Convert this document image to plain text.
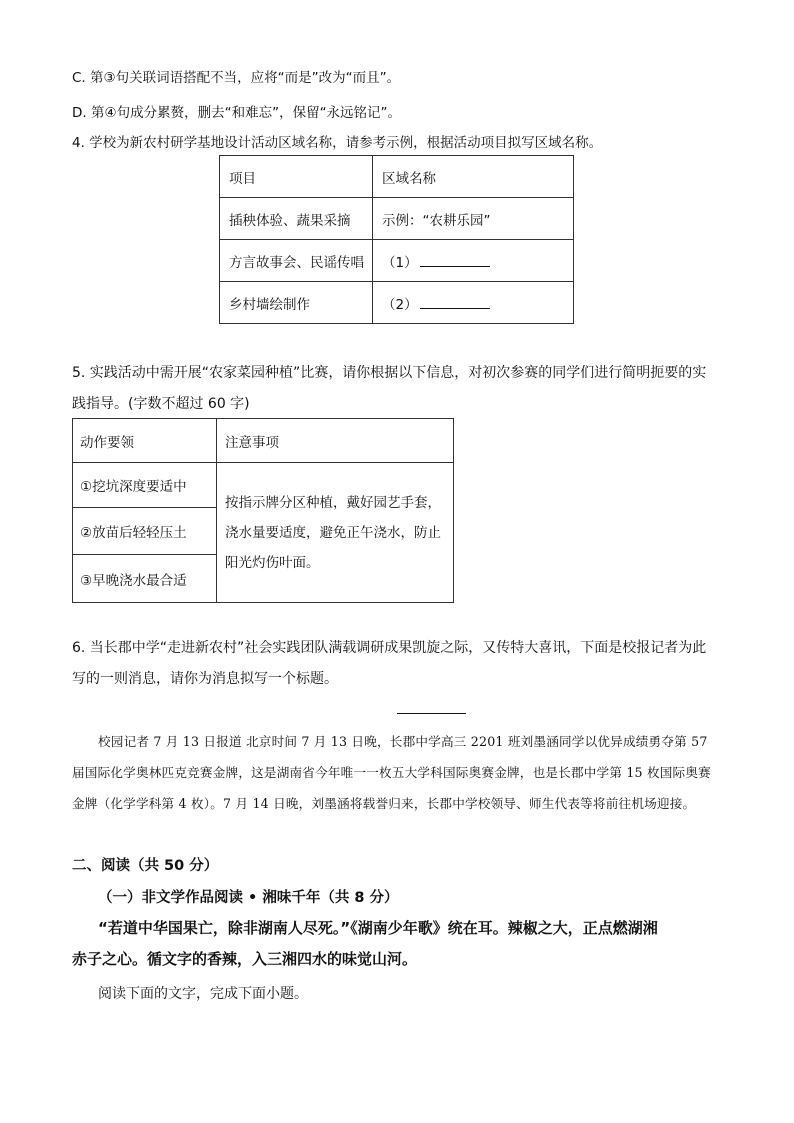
C. 第③句关联词语搭配不当，应将“而是”改为“而且”。
D. 第④句成分累赘，删去“和难忘”，保留“永远铭记”。
4. 学校为新农村研学基地设计活动区域名称，请参考示例，根据活动项目拟写区域名称。
项目	区域名称
插秧体验、蔬果采摘	示例：“农耕乐园”
方言故事会、民谣传唱	（1）
乡村墙绘制作	（2）
5. 实践活动中需开展“农家菜园种植”比赛，请你根据以下信息，对初次参赛的同学们进行简明扼要的实
践指导。(字数不超过 60 字)
动作要领	注意事项
①挖坑深度要适中	按指示牌分区种植，戴好园艺手套，浇水量要适度，避免正午浇水，防止阳光灼伤叶面。
②放苗后轻轻压土	
③早晚浇水最合适	
6. 当长郡中学“走进新农村”社会实践团队满载调研成果凯旋之际，又传特大喜讯，下面是校报记者为此
写的一则消息，请你为消息拟写一个标题。
校园记者 7 月 13 日报道 北京时间 7 月 13 日晚，长郡中学高三 2201 班刘墨涵同学以优异成绩勇夺第 57 届国际化学奥林匹克竞赛金牌，这是湖南省今年唯一一枚五大学科国际奥赛金牌，也是长郡中学第 15 枚国际奥赛金牌（化学学科第 4 枚）。7 月 14 日晚，刘墨涵将载誉归来，长郡中学校领导、师生代表等将前往机场迎接。
二、阅读（共 50 分）
（一）非文学作品阅读 • 湘味千年（共 8 分）
“若道中华国果亡，除非湖南人尽死。”《湖南少年歌》统在耳。辣椒之大，正点燃湖湘
赤子之心。循文字的香辣，入三湘四水的味觉山河。
阅读下面的文字，完成下面小题。
